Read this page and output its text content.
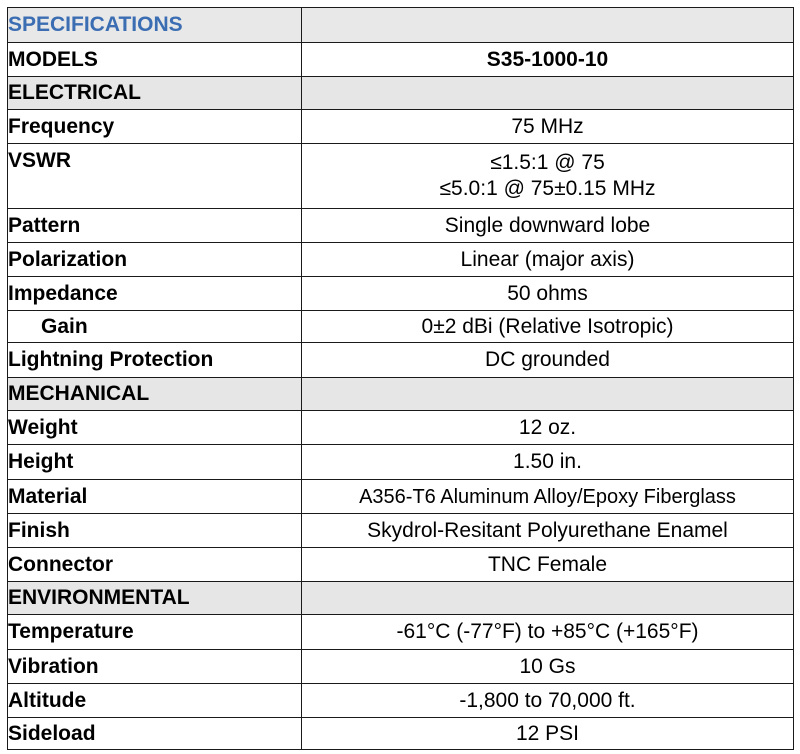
SPECIFICATIONS	
MODELS	S35-1000-10
ELECTRICAL	
Frequency	75 MHz
VSWR	≤1.5:1 @ 75
≤5.0:1 @ 75±0.15 MHz

Pattern	Single downward lobe
Polarization	Linear (major axis)
Impedance	50 ohms
Gain	0±2 dBi (Relative Isotropic)
Lightning Protection	DC grounded
MECHANICAL	
Weight	12 oz.
Height	1.50 in.
Material	A356-T6 Aluminum Alloy/Epoxy Fiberglass
Finish	Skydrol-Resitant Polyurethane Enamel
Connector	TNC Female
ENVIRONMENTAL	
Temperature	-61°C (-77°F) to +85°C (+165°F)
Vibration	10 Gs
Altitude	-1,800 to 70,000 ft.
Sideload	12 PSI
